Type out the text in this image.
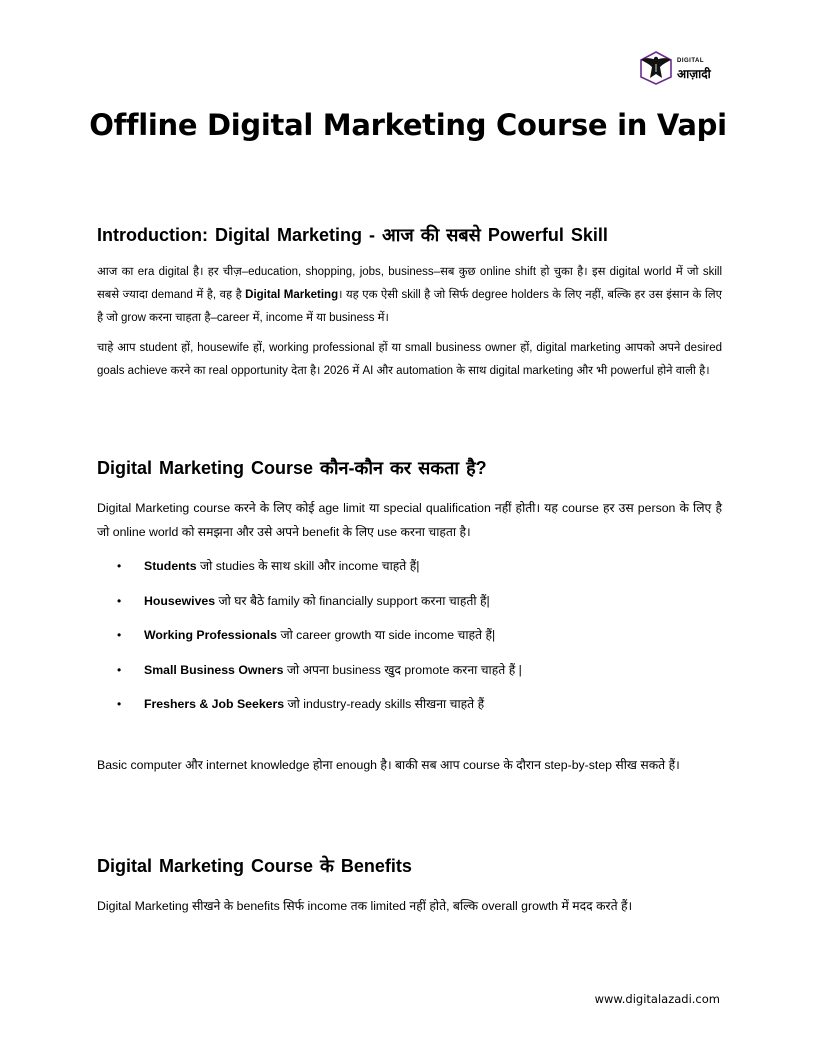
DIGITAL
आज़ादी
Offline Digital Marketing Course in Vapi
Introduction: Digital Marketing - आज की सबसे Powerful Skill

आज का era digital है। हर चीज़–education, shopping, jobs, business–सब कुछ online shift हो चुका है। इस digital world में जो skill सबसे ज्यादा demand में है, वह है Digital Marketing। यह एक ऐसी skill है जो सिर्फ degree holders के लिए नहीं, बल्कि हर उस इंसान के लिए है जो grow करना चाहता है–career में, income में या business में।

चाहे आप student हों, housewife हों, working professional हों या small business owner हों, digital marketing आपको अपने desired goals achieve करने का real opportunity देता है। 2026 में AI और automation के साथ digital marketing और भी powerful होने वाली है।

Digital Marketing Course कौन-कौन कर सकता है?

Digital Marketing course करने के लिए कोई age limit या special qualification नहीं होती। यह course हर उस person के लिए है जो online world को समझना और उसे अपने benefit के लिए use करना चाहता है।

• Students जो studies के साथ skill और income चाहते हैं|
• Housewives जो घर बैठे family को financially support करना चाहती हैं|
• Working Professionals जो career growth या side income चाहते हैं|
• Small Business Owners जो अपना business खुद promote करना चाहते हैं |
• Freshers & Job Seekers जो industry-ready skills सीखना चाहते हैं

Basic computer और internet knowledge होना enough है। बाकी सब आप course के दौरान step-by-step सीख सकते हैं।

Digital Marketing Course के Benefits

Digital Marketing सीखने के benefits सिर्फ income तक limited नहीं होते, बल्कि overall growth में मदद करते हैं।

www.digitalazadi.com
